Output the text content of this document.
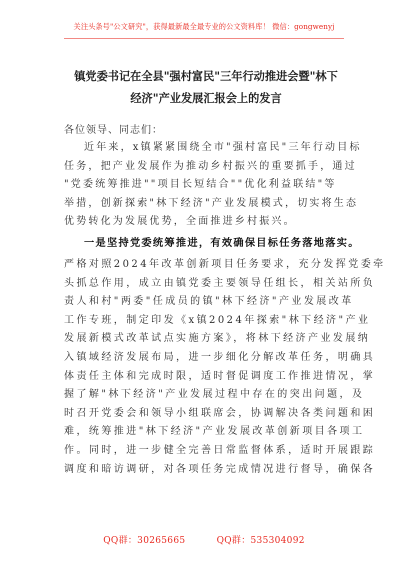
关注头条号"公文研究"，获得最新最全最专业的公文资料库！ 微信：gongwenyj
镇党委书记在全县"强村富民"三年行动推进会暨"林下
经济"产业发展汇报会上的发言
各位领导、同志们：
近年来，x镇紧紧围绕全市"强村富民"三年行动目标
任务，把产业发展作为推动乡村振兴的重要抓手，通过
"党委统筹推进""项目长短结合""优化利益联结"等
举措，创新探索"林下经济"产业发展模式，切实将生态
优势转化为发展优势，全面推进乡村振兴。
一是坚持党委统筹推进，有效确保目标任务落地落实。
严格对照2024年改革创新项目任务要求，充分发挥党委牵
头抓总作用，成立由镇党委主要领导任组长，相关站所负
责人和村"两委"任成员的镇"林下经济"产业发展改革
工作专班，制定印发《x镇2024年探索"林下经济"产业
发展新模式改革试点实施方案》，将林下经济产业发展纳
入镇域经济发展布局，进一步细化分解改革任务，明确具
体责任主体和完成时限，适时督促调度工作推进情况，掌
握了解"林下经济"产业发展过程中存在的突出问题，及
时召开党委会和领导小组联席会，协调解决各类问题和困
难，统筹推进"林下经济"产业发展改革创新项目各项工
作。同时，进一步健全完善日常监督体系，适时开展跟踪
调度和暗访调研，对各项任务完成情况进行督导，确保各
QQ群：30265665	QQ群：535304092
